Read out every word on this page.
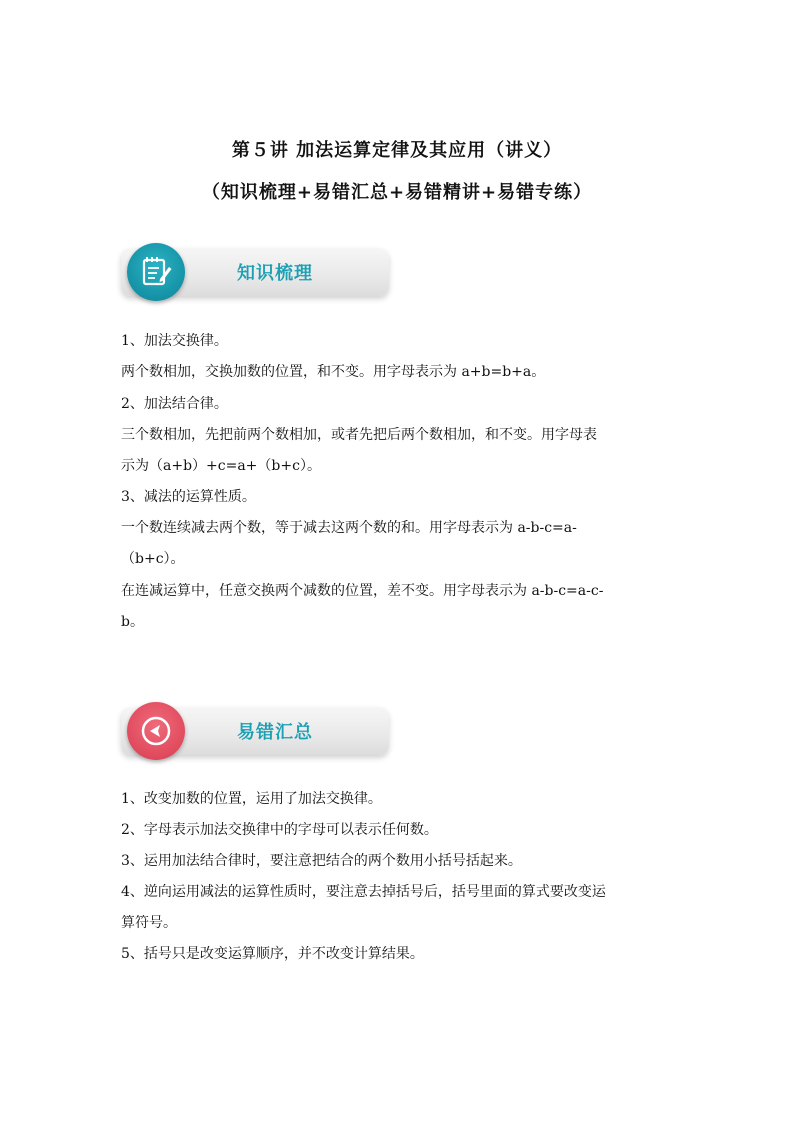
第５讲 加法运算定律及其应用（讲义）
（知识梳理+易错汇总+易错精讲+易错专练）
知识梳理
1、加法交换律。
两个数相加，交换加数的位置，和不变。用字母表示为 a+b=b+a。
2、加法结合律。
三个数相加，先把前两个数相加，或者先把后两个数相加，和不变。用字母表
示为（a+b）+c=a+（b+c）。
3、减法的运算性质。
一个数连续减去两个数，等于减去这两个数的和。用字母表示为 a-b-c=a-
（b+c）。
在连减运算中，任意交换两个减数的位置，差不变。用字母表示为 a-b-c=a-c-
b。
易错汇总
1、改变加数的位置，运用了加法交换律。
2、字母表示加法交换律中的字母可以表示任何数。
3、运用加法结合律时，要注意把结合的两个数用小括号括起来。
4、逆向运用减法的运算性质时，要注意去掉括号后，括号里面的算式要改变运
算符号。
5、括号只是改变运算顺序，并不改变计算结果。
